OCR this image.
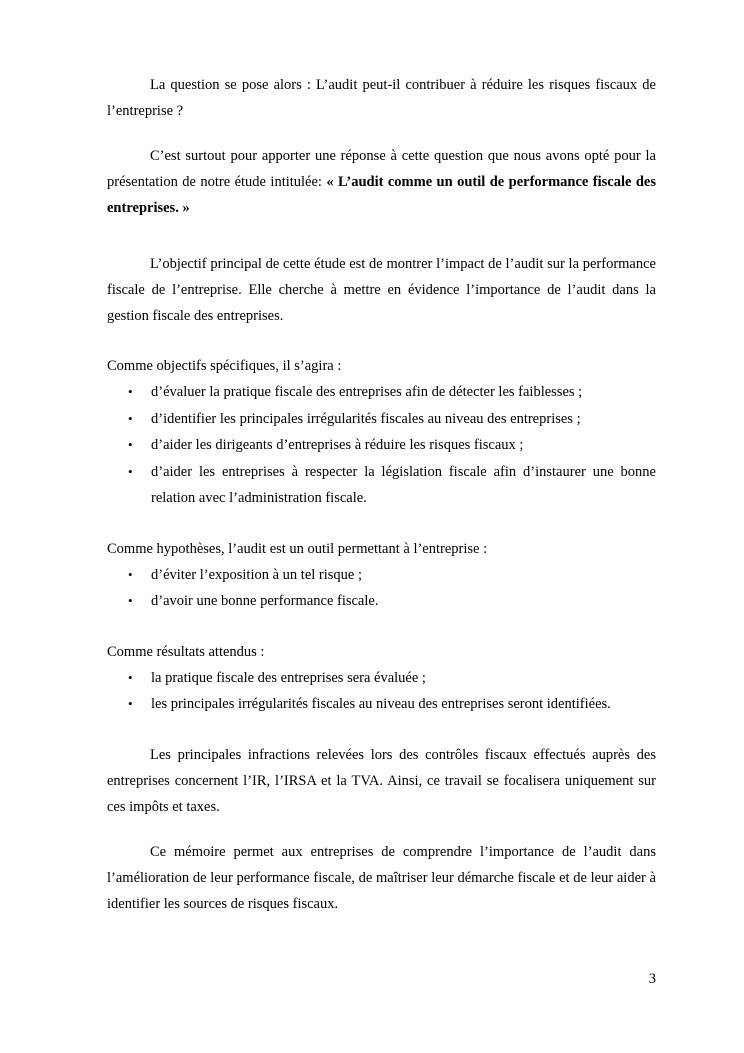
La question se pose alors : L’audit peut-il contribuer à réduire les risques fiscaux de l’entreprise ?

C’est surtout pour apporter une réponse à cette question que nous avons opté pour la présentation de notre étude intitulée: « L’audit comme un outil de performance fiscale des entreprises. »

L’objectif principal de cette étude est de montrer l’impact de l’audit sur la performance fiscale de l’entreprise. Elle cherche à mettre en évidence l’importance de l’audit dans la gestion fiscale des entreprises.

Comme objectifs spécifiques, il s’agira :

• d’évaluer la pratique fiscale des entreprises afin de détecter les faiblesses ;
• d’identifier les principales irrégularités fiscales au niveau des entreprises ;
• d’aider les dirigeants d’entreprises à réduire les risques fiscaux ;
• d’aider les entreprises à respecter la législation fiscale afin d’instaurer une bonne relation avec l’administration fiscale.

Comme hypothèses, l’audit est un outil permettant à l’entreprise :

• d’éviter l’exposition à un tel risque ;
• d’avoir une bonne performance fiscale.

Comme résultats attendus :

• la pratique fiscale des entreprises sera évaluée ;
• les principales irrégularités fiscales au niveau des entreprises seront identifiées.

Les principales infractions relevées lors des contrôles fiscaux effectués auprès des entreprises concernent l’IR, l’IRSA et la TVA. Ainsi, ce travail se focalisera uniquement sur ces impôts et taxes.

Ce mémoire permet aux entreprises de comprendre l’importance de l’audit dans l’amélioration de leur performance fiscale, de maîtriser leur démarche fiscale et de leur aider à identifier les sources de risques fiscaux.

3
